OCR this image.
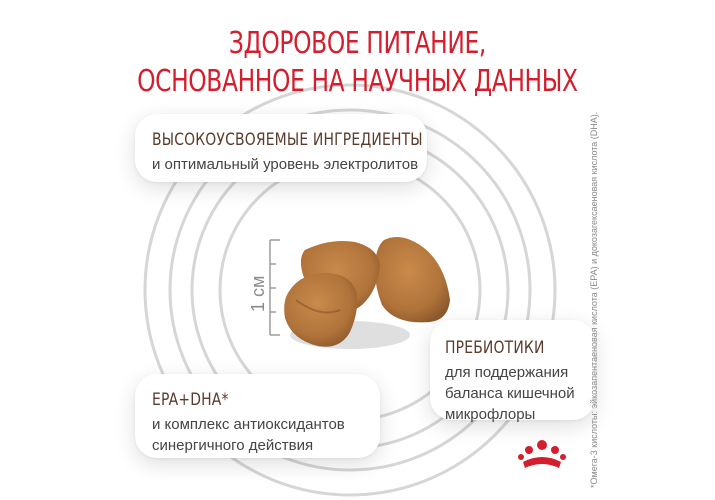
1 см
ЗДОРОВОЕ ПИТАНИЕ,
ОСНОВАННОЕ НА НАУЧНЫХ ДАННЫХ
ВЫСОКОУСВОЯЕМЫЕ ИНГРЕДИЕНТЫ
и оптимальный уровень электролитов
ПРЕБИОТИКИ
для поддержания
баланса кишечной
микрофлоры
EPA+DHA*
и комплекс антиоксидантов
синергичного действия	*Омега-3 кислоты: эйкозапентаеновая кислота (EPA) и докозагексаеновая кислота (DHA).
